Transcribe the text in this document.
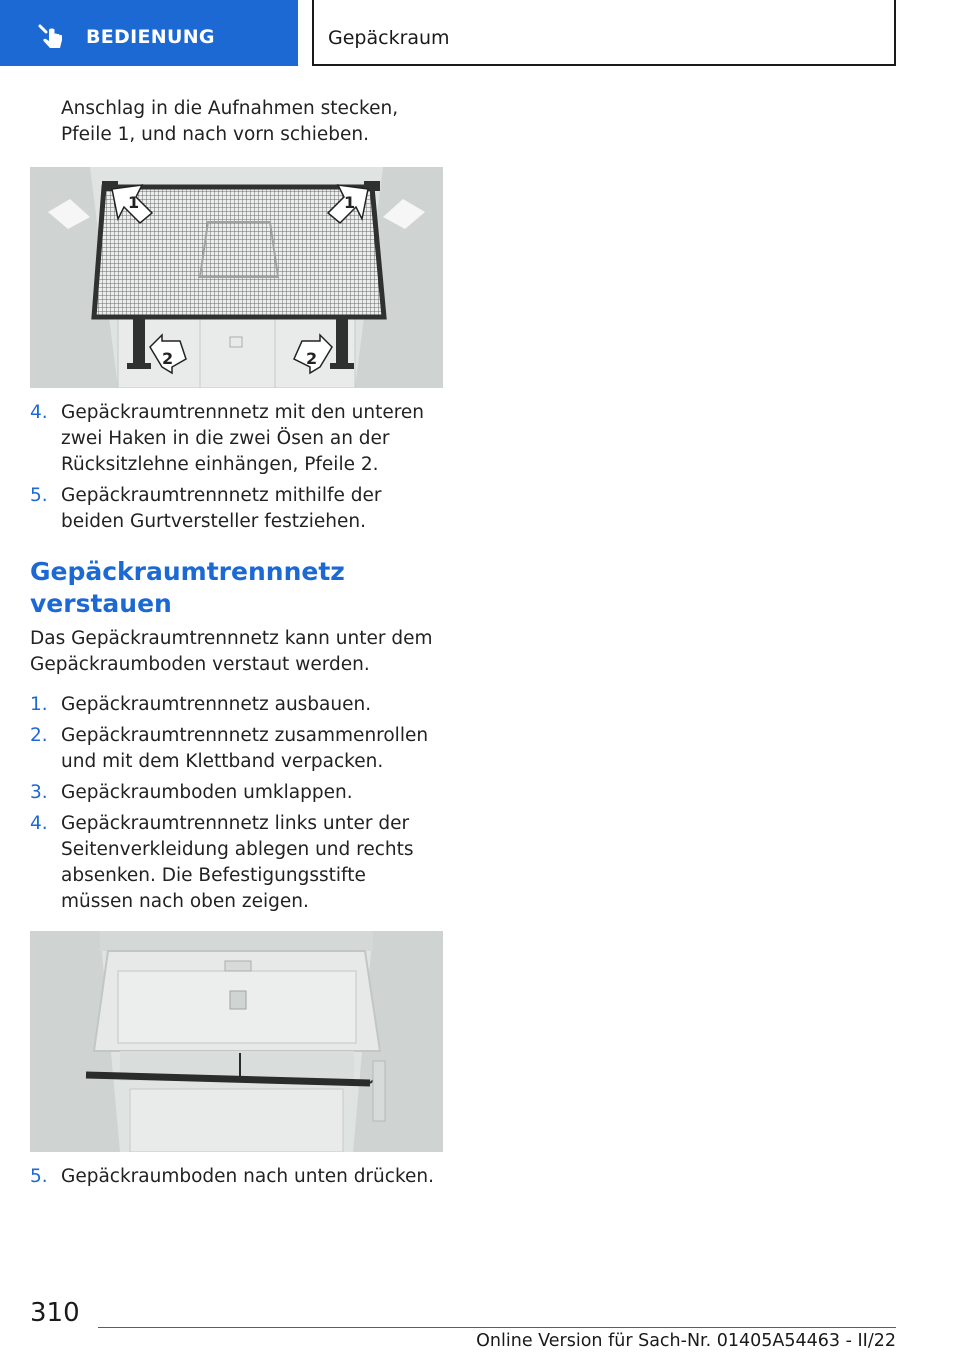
BEDIENUNG	Gepäckraum

Anschlag in die Aufnahmen stecken,

Pfeile 1, und nach vorn schieben.

1	1
2	2
4. Gepäckraumtrennnetz mit den unteren zwei Haken in die zwei Ösen an der Rücksitzlehne einhängen, Pfeile 2.
5. Gepäckraumtrennnetz mithilfe der beiden Gurtversteller festziehen.
Gepäckraumtrennnetz verstauen

Das Gepäckraumtrennnetz kann unter dem Gepäckraumboden verstaut werden.

1. Gepäckraumtrennnetz ausbauen.
2. Gepäckraumtrennnetz zusammenrollen und mit dem Klettband verpacken.
3. Gepäckraumboden umklappen.
4. Gepäckraumtrennnetz links unter der Seitenverkleidung ablegen und rechts absenken. Die Befestigungsstifte müssen nach oben zeigen.
5. Gepäckraumboden nach unten drücken.
310
Online Version für Sach-Nr. 01405A54463 - II/22
